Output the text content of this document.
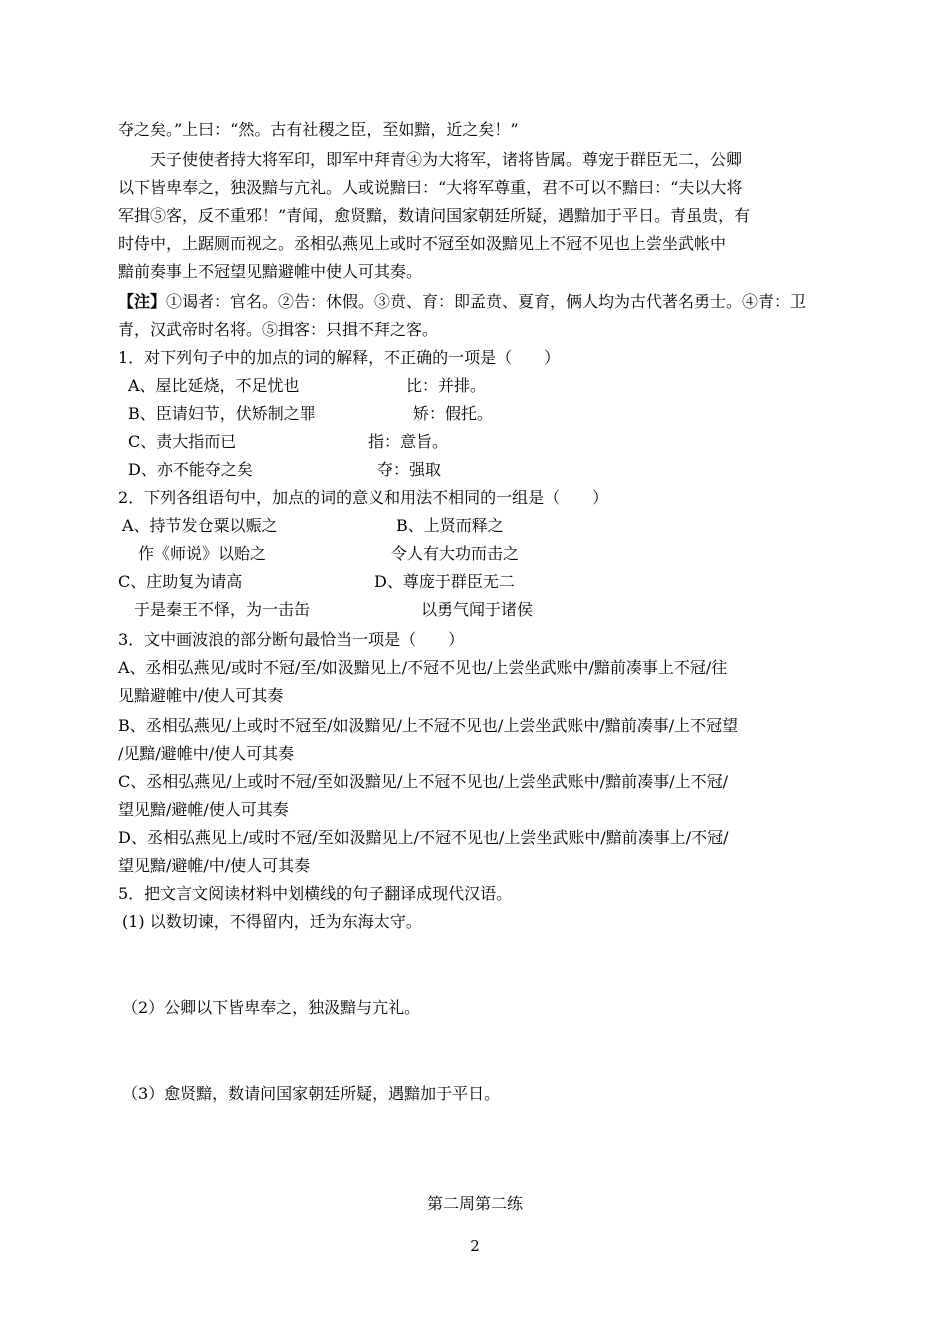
夺之矣。”上曰：“然。古有社稷之臣，至如黯，近之矣！”
天子使使者持大将军印，即军中拜青④为大将军，诸将皆属。尊宠于群臣无二，公卿
以下皆卑奉之，独汲黯与亢礼。人或说黯曰：“大将军尊重，君不可以不黯曰：“夫以大将
军揖⑤客，反不重邪！”青闻，愈贤黯，数请问国家朝廷所疑，遇黯加于平日。青虽贵，有
时侍中，上踞厕而视之。丞相弘燕见上或时不冠至如汲黯见上不冠不见也上尝坐武帐中
黯前奏事上不冠望见黯避帷中使人可其奏。
【注】①谒者：官名。②告：休假。③贲、育：即孟贲、夏育，俩人均为古代著名勇士。④青：卫
青，汉武帝时名将。⑤揖客：只揖不拜之客。
1．对下列句子中的加点的词的解释，不正确的一项是（　　）
A、屋比延烧，不足忧也	比：并排。
B、臣请妇节，伏矫制之罪	矫：假托。
C、责大指而已	指：意旨。
D、亦不能夺之矣	夺：强取
2．下列各组语句中，加点的词的意义和用法不相同的一组是（　　）
A、持节发仓粟以赈之	B、上贤而释之
作《师说》以贻之	令人有大功而击之
C、庄助复为请高	D、尊庞于群臣无二
于是秦王不怿，为一击缶	以勇气闻于诸侯
3．文中画波浪的部分断句最恰当一项是（　　）
A、丞相弘燕见/或时不冠/至/如汲黯见上/不冠不见也/上尝坐武账中/黯前凑事上不冠/往
见黯避帷中/使人可其奏
B、丞相弘燕见/上或时不冠至/如汲黯见/上不冠不见也/上尝坐武账中/黯前凑事/上不冠望
/见黯/避帷中/使人可其奏
C、丞相弘燕见/上或时不冠/至如汲黯见/上不冠不见也/上尝坐武账中/黯前凑事/上不冠/
望见黯/避帷/使人可其奏
D、丞相弘燕见上/或时不冠/至如汲黯见上/不冠不见也/上尝坐武账中/黯前凑事上/不冠/
望见黯/避帷/中/使人可其奏
5．把文言文阅读材料中划横线的句子翻译成现代汉语。
(1) 以数切谏，不得留内，迁为东海太守。
（2）公卿以下皆卑奉之，独汲黯与亢礼。
（3）愈贤黯，数请问国家朝廷所疑，遇黯加于平日。
第二周第二练
2
